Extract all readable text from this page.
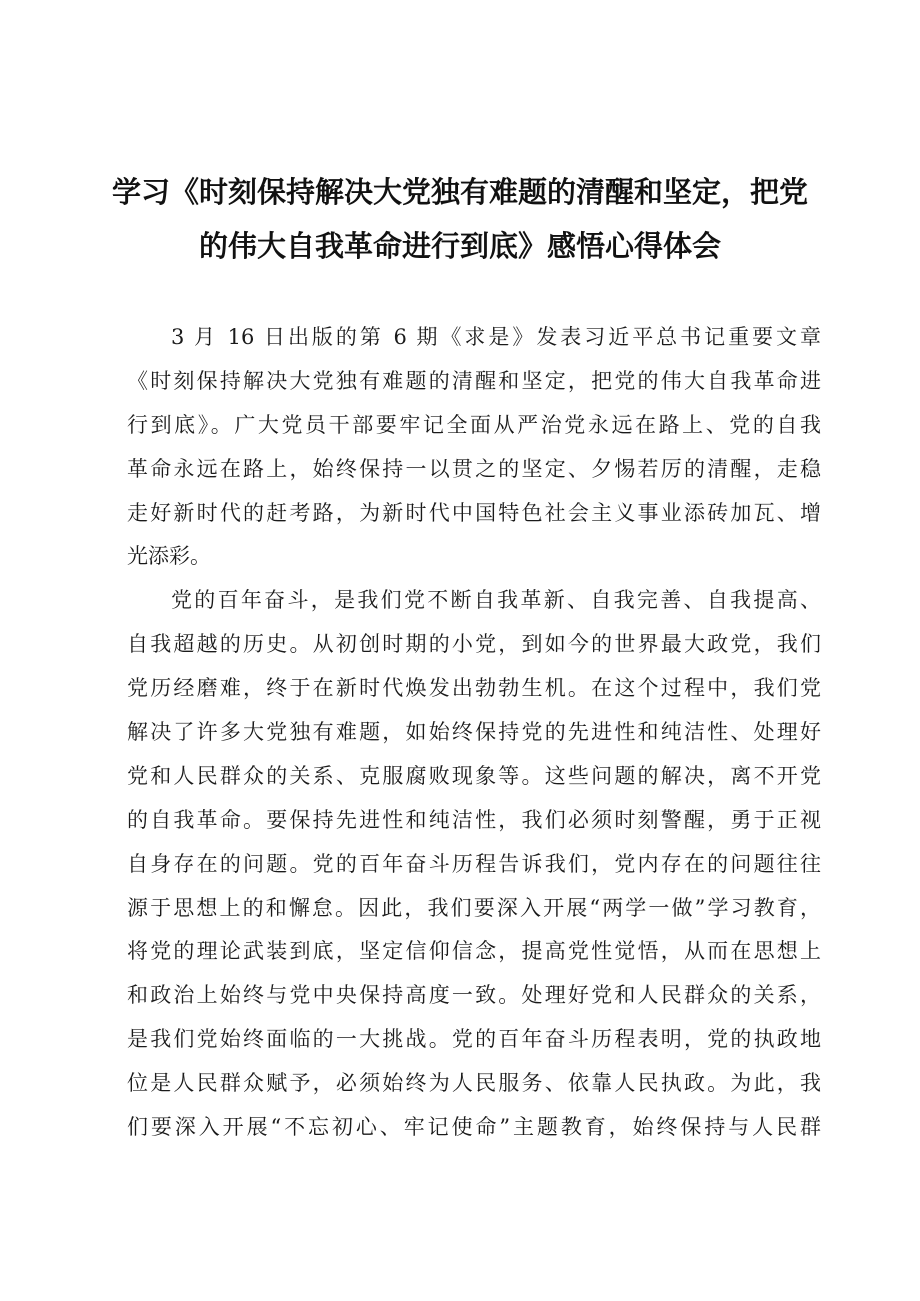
学习《时刻保持解决大党独有难题的清醒和坚定，把党
的伟大自我革命进行到底》感悟心得体会
3 月 16 日出版的第 6 期《求是》发表习近平总书记重要文章
《时刻保持解决大党独有难题的清醒和坚定，把党的伟大自我革命进
行到底》。广大党员干部要牢记全面从严治党永远在路上、党的自我
革命永远在路上，始终保持一以贯之的坚定、夕惕若厉的清醒，走稳
走好新时代的赶考路，为新时代中国特色社会主义事业添砖加瓦、增
光添彩。
党的百年奋斗，是我们党不断自我革新、自我完善、自我提高、
自我超越的历史。从初创时期的小党，到如今的世界最大政党，我们
党历经磨难，终于在新时代焕发出勃勃生机。在这个过程中，我们党
解决了许多大党独有难题，如始终保持党的先进性和纯洁性、处理好
党和人民群众的关系、克服腐败现象等。这些问题的解决，离不开党
的自我革命。要保持先进性和纯洁性，我们必须时刻警醒，勇于正视
自身存在的问题。党的百年奋斗历程告诉我们，党内存在的问题往往
源于思想上的和懈怠。因此，我们要深入开展“两学一做”学习教育，
将党的理论武装到底，坚定信仰信念，提高党性觉悟，从而在思想上
和政治上始终与党中央保持高度一致。处理好党和人民群众的关系，
是我们党始终面临的一大挑战。党的百年奋斗历程表明，党的执政地
位是人民群众赋予，必须始终为人民服务、依靠人民执政。为此，我
们要深入开展“不忘初心、牢记使命”主题教育，始终保持与人民群
